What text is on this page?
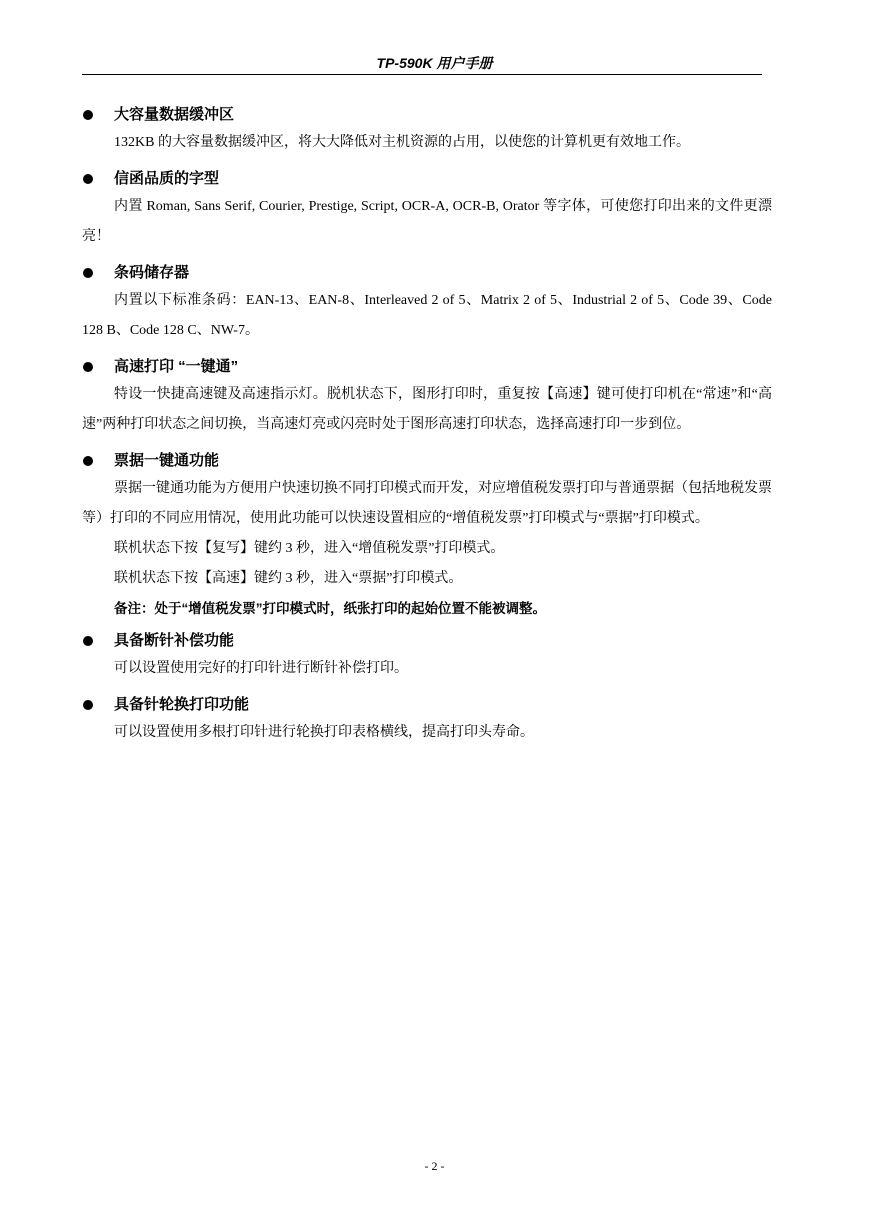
TP-590K 用户手册
大容量数据缓冲区

132KB 的大容量数据缓冲区，将大大降低对主机资源的占用，以使您的计算机更有效地工作。

信函品质的字型

内置 Roman, Sans Serif, Courier, Prestige, Script, OCR-A, OCR-B, Orator 等字体，可使您打印出来的文件更漂亮！

条码储存器

内置以下标准条码：EAN-13、EAN-8、Interleaved 2 of 5、Matrix 2 of 5、Industrial 2 of 5、Code 39、Code 128 B、Code 128 C、NW-7。

高速打印 “一键通”

特设一快捷高速键及高速指示灯。脱机状态下，图形打印时，重复按【高速】键可使打印机在“常速”和“高速”两种打印状态之间切换，当高速灯亮或闪亮时处于图形高速打印状态，选择高速打印一步到位。

票据一键通功能

票据一键通功能为方便用户快速切换不同打印模式而开发，对应增值税发票打印与普通票据（包括地税发票等）打印的不同应用情况，使用此功能可以快速设置相应的“增值税发票”打印模式与“票据”打印模式。

联机状态下按【复写】键约 3 秒，进入“增值税发票”打印模式。

联机状态下按【高速】键约 3 秒，进入“票据”打印模式。

备注：处于“增值税发票”打印模式时，纸张打印的起始位置不能被调整。

具备断针补偿功能

可以设置使用完好的打印针进行断针补偿打印。

具备针轮换打印功能

可以设置使用多根打印针进行轮换打印表格横线，提高打印头寿命。

- 2 -
